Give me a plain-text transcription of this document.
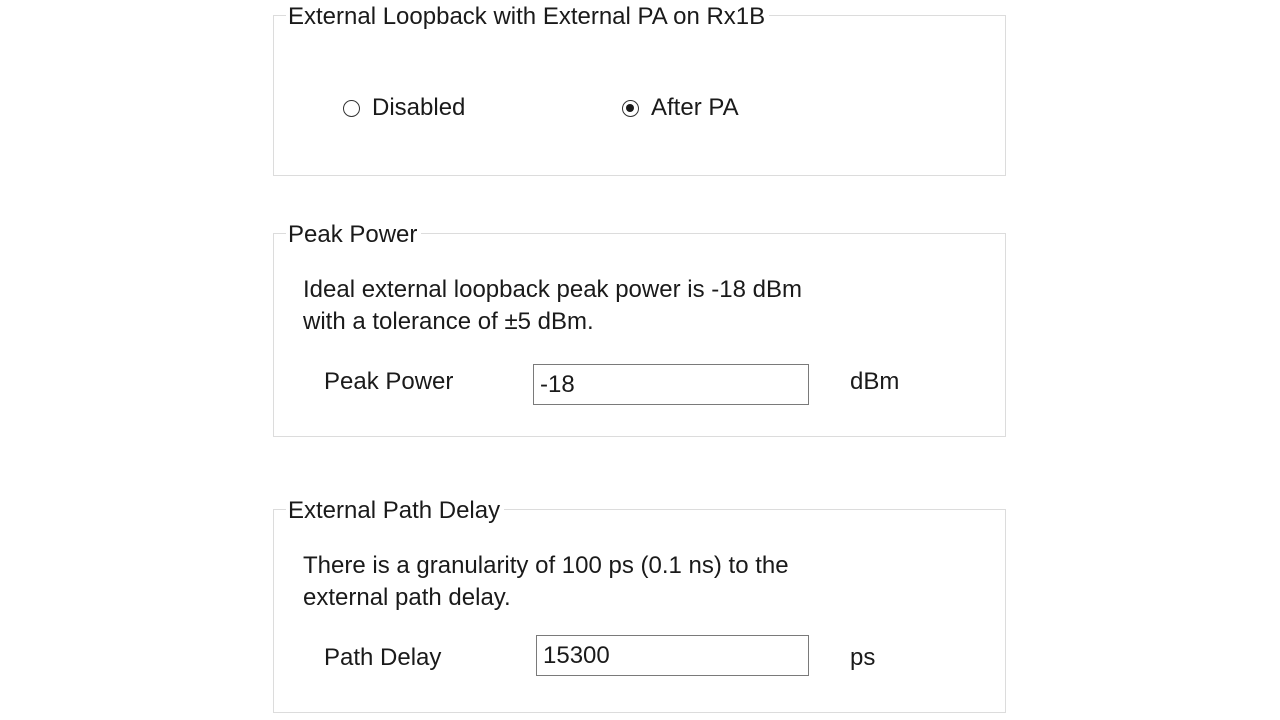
External Loopback with External PA on Rx1B
Disabled	After PA
Peak Power
Ideal external loopback peak power is -18 dBm
with a tolerance of ±5 dBm.
Peak Power
-18	dBm
External Path Delay
There is a granularity of 100 ps (0.1 ns) to the
external path delay.
Path Delay
15300	ps
